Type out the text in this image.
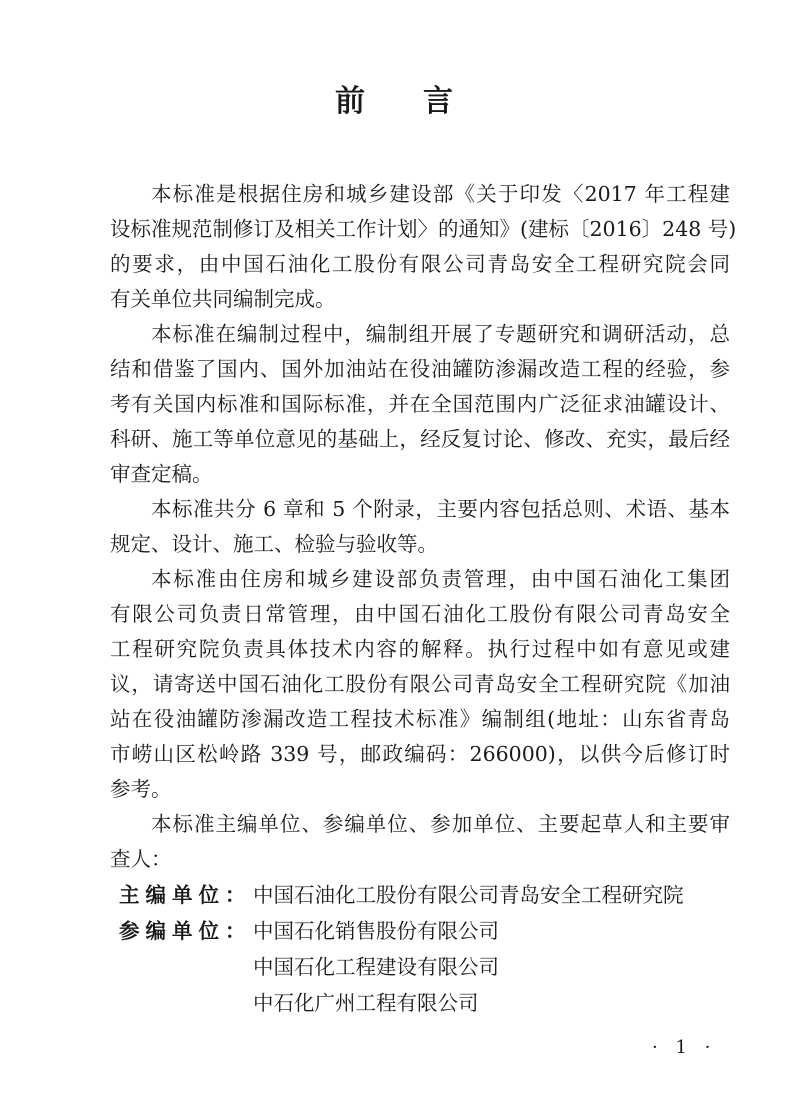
前 言
本标准是根据住房和城乡建设部《关于印发〈2017 年工程建
设标准规范制修订及相关工作计划〉的通知》(建标〔2016〕248 号)
的要求，由中国石油化工股份有限公司青岛安全工程研究院会同
有关单位共同编制完成。
本标准在编制过程中，编制组开展了专题研究和调研活动，总
结和借鉴了国内、国外加油站在役油罐防渗漏改造工程的经验，参
考有关国内标准和国际标准，并在全国范围内广泛征求油罐设计、
科研、施工等单位意见的基础上，经反复讨论、修改、充实，最后经
审查定稿。
本标准共分 6 章和 5 个附录，主要内容包括总则、术语、基本
规定、设计、施工、检验与验收等。
本标准由住房和城乡建设部负责管理，由中国石油化工集团
有限公司负责日常管理，由中国石油化工股份有限公司青岛安全
工程研究院负责具体技术内容的解释。执行过程中如有意见或建
议，请寄送中国石油化工股份有限公司青岛安全工程研究院《加油
站在役油罐防渗漏改造工程技术标准》编制组(地址：山东省青岛
市崂山区松岭路 339 号，邮政编码：266000)，以供今后修订时
参考。
本标准主编单位、参编单位、参加单位、主要起草人和主要审
查人：
主编单位： 中国石油化工股份有限公司青岛安全工程研究院
参编单位： 中国石化销售股份有限公司
中国石化工程建设有限公司
中石化广州工程有限公司
· 1 ·
